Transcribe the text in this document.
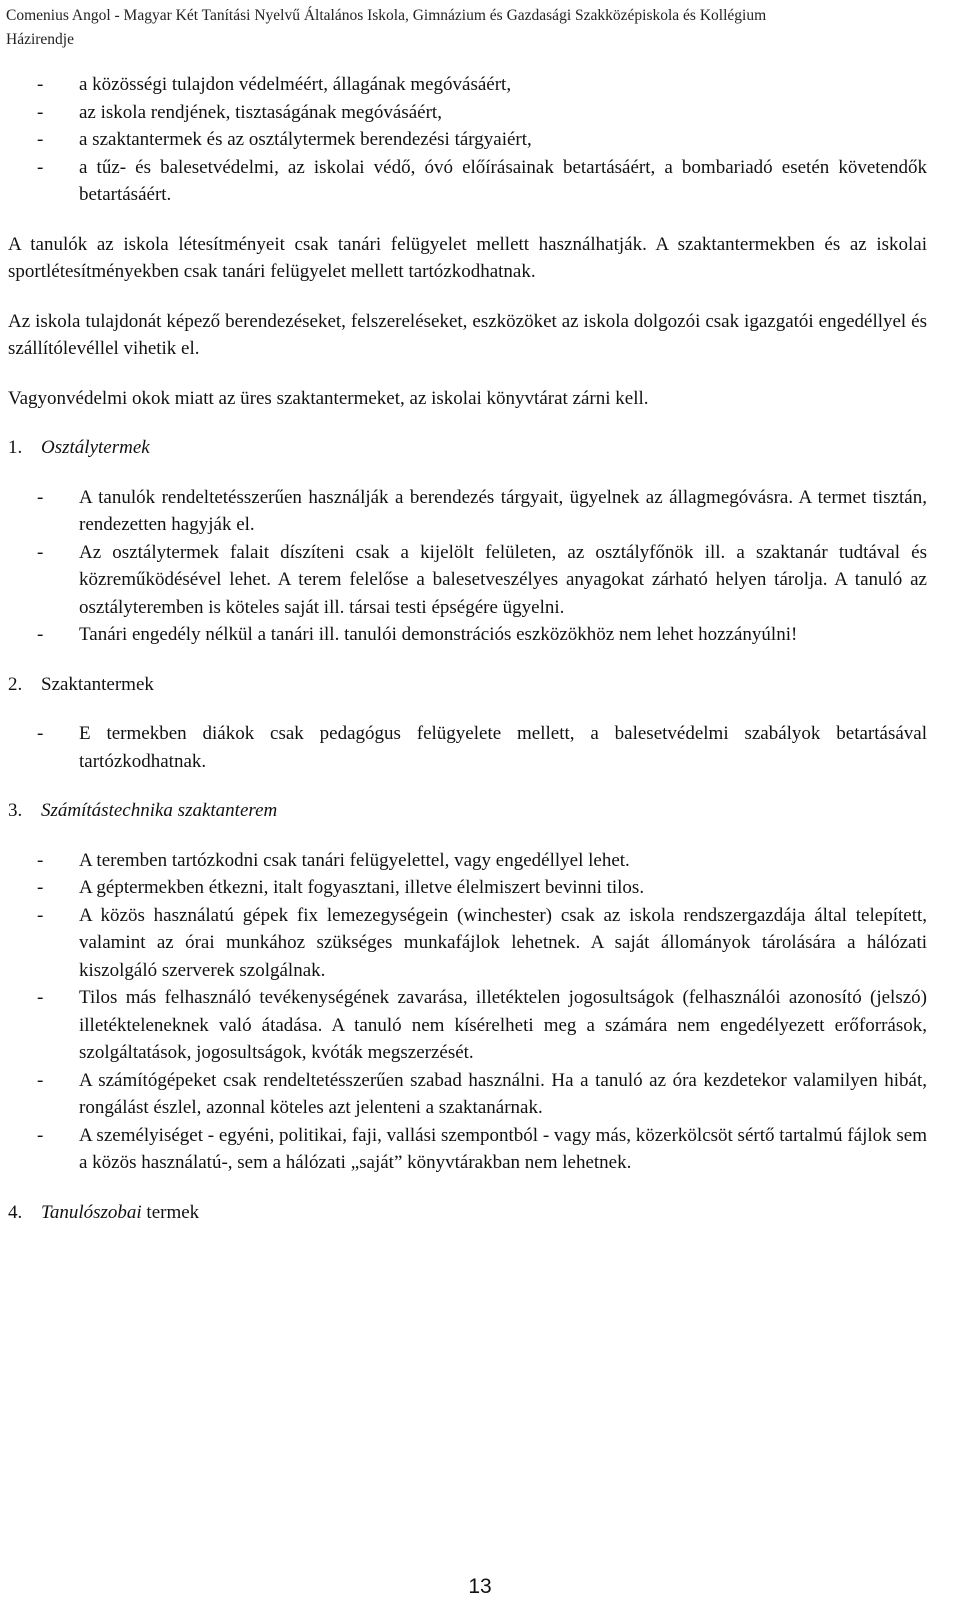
Comenius Angol - Magyar Két Tanítási Nyelvű Általános Iskola, Gimnázium és Gazdasági Szakközépiskola és Kollégium
Házirendje
- a közösségi tulajdon védelméért, állagának megóvásáért,
- az iskola rendjének, tisztaságának megóvásáért,
- a szaktantermek és az osztálytermek berendezési tárgyaiért,
- a tűz- és balesetvédelmi, az iskolai védő, óvó előírásainak betartásáért, a bombariadó esetén követendők betartásáért.
A tanulók az iskola létesítményeit csak tanári felügyelet mellett használhatják. A szaktantermekben és az iskolai sportlétesítményekben csak tanári felügyelet mellett tartózkodhatnak.
Az iskola tulajdonát képező berendezéseket, felszereléseket, eszközöket az iskola dolgozói csak igazgatói engedéllyel és szállítólevéllel vihetik el.
Vagyonvédelmi okok miatt az üres szaktantermeket, az iskolai könyvtárat zárni kell.
1. Osztálytermek
- A tanulók rendeltetésszerűen használják a berendezés tárgyait, ügyelnek az állagmegóvásra. A termet tisztán, rendezetten hagyják el.
- Az osztálytermek falait díszíteni csak a kijelölt felületen, az osztályfőnök ill. a szaktanár tudtával és közreműködésével lehet. A terem felelőse a balesetveszélyes anyagokat zárható helyen tárolja. A tanuló az osztályteremben is köteles saját ill. társai testi épségére ügyelni.
- Tanári engedély nélkül a tanári ill. tanulói demonstrációs eszközökhöz nem lehet hozzányúlni!
2. Szaktantermek
- E termekben diákok csak pedagógus felügyelete mellett, a balesetvédelmi szabályok betartásával tartózkodhatnak.
3. Számítástechnika szaktanterem
- A teremben tartózkodni csak tanári felügyelettel, vagy engedéllyel lehet.
- A géptermekben étkezni, italt fogyasztani, illetve élelmiszert bevinni tilos.
- A közös használatú gépek fix lemezegységein (winchester) csak az iskola rendszergazdája által telepített, valamint az órai munkához szükséges munkafájlok lehetnek. A saját állományok tárolására a hálózati kiszolgáló szerverek szolgálnak.
- Tilos más felhasználó tevékenységének zavarása, illetéktelen jogosultságok (felhasználói azonosító (jelszó) illetékteleneknek való átadása. A tanuló nem kísérelheti meg a számára nem engedélyezett erőforrások, szolgáltatások, jogosultságok, kvóták megszerzését.
- A számítógépeket csak rendeltetésszerűen szabad használni. Ha a tanuló az óra kezdetekor valamilyen hibát, rongálást észlel, azonnal köteles azt jelenteni a szaktanárnak.
- A személyiséget - egyéni, politikai, faji, vallási szempontból - vagy más, közerkölcsöt sértő tartalmú fájlok sem a közös használatú-, sem a hálózati „saját” könyvtárakban nem lehetnek.
4. Tanulószobai termek
13
